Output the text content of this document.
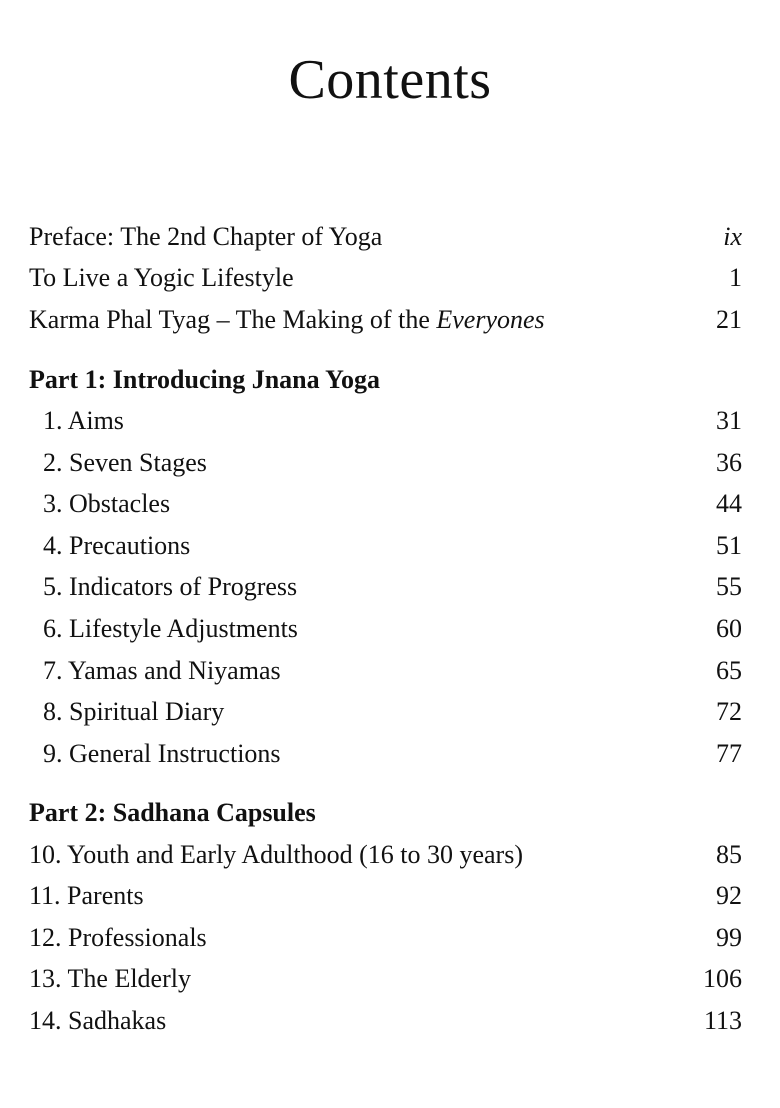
Contents
Preface: The 2nd Chapter of Yoga	ix
To Live a Yogic Lifestyle	1
Karma Phal Tyag – The Making of the Everyones	21
Part 1: Introducing Jnana Yoga
1. Aims	31
2. Seven Stages	36
3. Obstacles	44
4. Precautions	51
5. Indicators of Progress	55
6. Lifestyle Adjustments	60
7. Yamas and Niyamas	65
8. Spiritual Diary	72
9. General Instructions	77
Part 2: Sadhana Capsules
10. Youth and Early Adulthood (16 to 30 years)	85
11. Parents	92
12. Professionals	99
13. The Elderly	106
14. Sadhakas	113
